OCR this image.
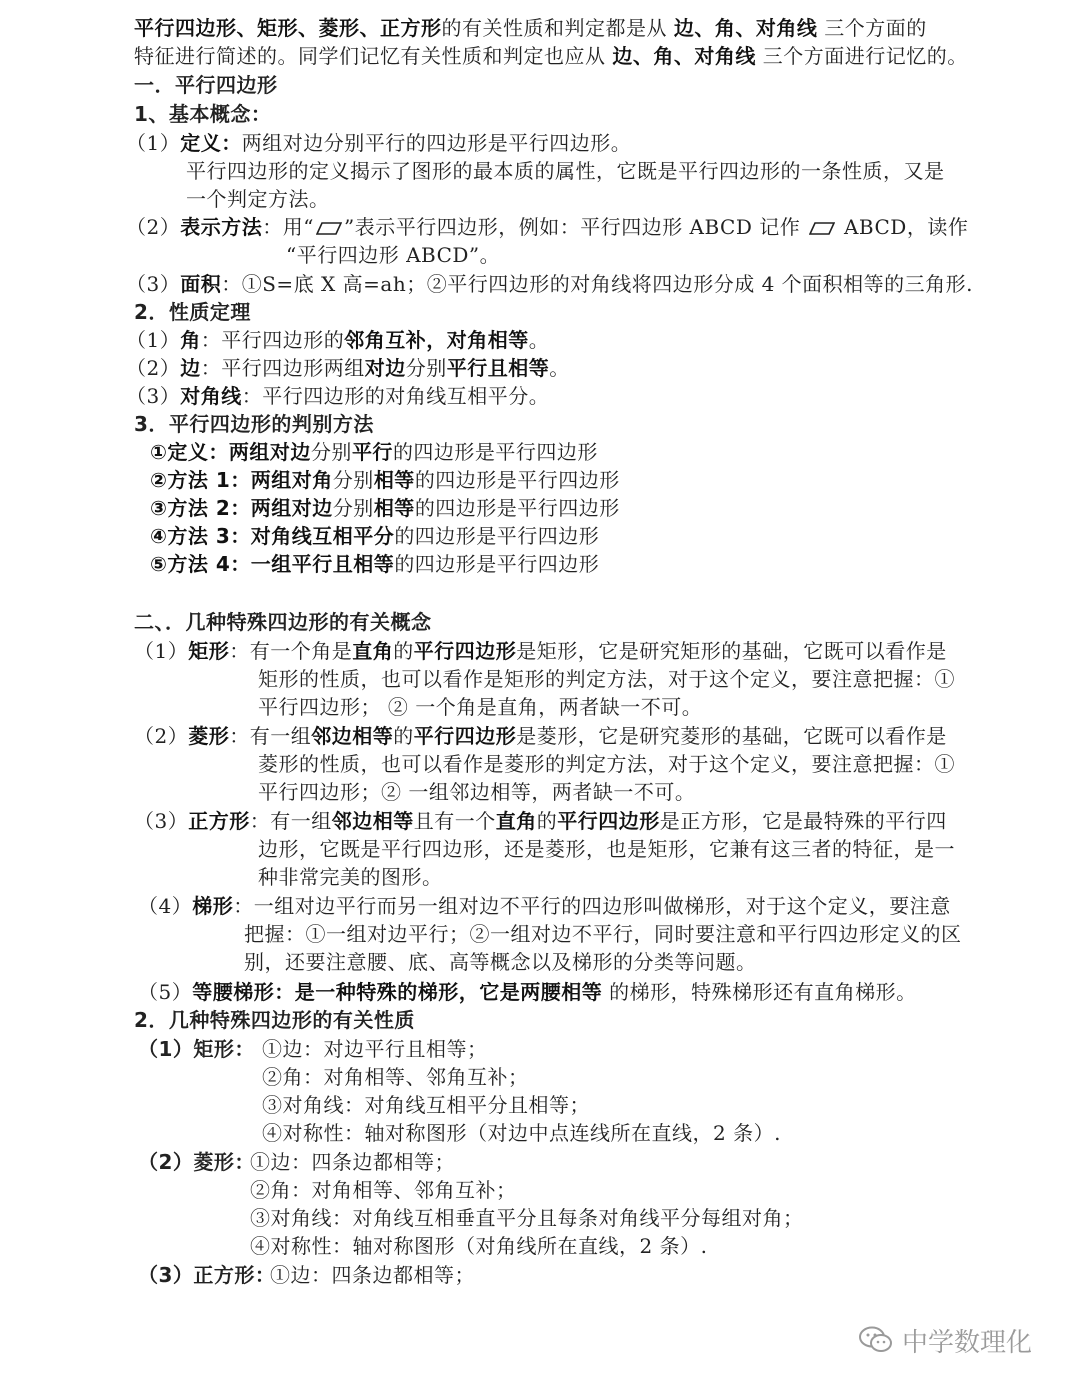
平行四边形、矩形、菱形、正方形的有关性质和判定都是从 边、角、对角线 三个方面的
特征进行简述的。同学们记忆有关性质和判定也应从 边、角、对角线 三个方面进行记忆的。
一．平行四边形
1、基本概念：
（1）定义：两组对边分别平行的四边形是平行四边形。
平行四边形的定义揭示了图形的最本质的属性，它既是平行四边形的一条性质，又是
一个判定方法。
（2）表示方法：用“ ”表示平行四边形，例如：平行四边形 ABCD 记作  ABCD，读作
“平行四边形 ABCD”。
（3）面积：①S=底 X 高=ah；②平行四边形的对角线将四边形分成 4 个面积相等的三角形.
2．性质定理
（1）角：平行四边形的邻角互补，对角相等。
（2）边：平行四边形两组对边分别平行且相等。
（3）对角线：平行四边形的对角线互相平分。
3．平行四边形的判别方法
①定义：两组对边分别平行的四边形是平行四边形
②方法 1：两组对角分别相等的四边形是平行四边形
③方法 2：两组对边分别相等的四边形是平行四边形
④方法 3：对角线互相平分的四边形是平行四边形
⑤方法 4：一组平行且相等的四边形是平行四边形
二、．几种特殊四边形的有关概念
（1）矩形：有一个角是直角的平行四边形是矩形，它是研究矩形的基础，它既可以看作是
矩形的性质，也可以看作是矩形的判定方法，对于这个定义，要注意把握：①
平行四边形； ② 一个角是直角，两者缺一不可。
（2）菱形：有一组邻边相等的平行四边形是菱形，它是研究菱形的基础，它既可以看作是
菱形的性质，也可以看作是菱形的判定方法，对于这个定义，要注意把握：①
平行四边形；② 一组邻边相等，两者缺一不可。
（3）正方形：有一组邻边相等且有一个直角的平行四边形是正方形，它是最特殊的平行四
边形，它既是平行四边形，还是菱形，也是矩形，它兼有这三者的特征，是一
种非常完美的图形。
（4）梯形：一组对边平行而另一组对边不平行的四边形叫做梯形，对于这个定义，要注意
把握：①一组对边平行；②一组对边不平行，同时要注意和平行四边形定义的区
别，还要注意腰、底、高等概念以及梯形的分类等问题。
（5）等腰梯形：是一种特殊的梯形，它是两腰相等 的梯形，特殊梯形还有直角梯形。
2．几种特殊四边形的有关性质
（1）矩形： ①边：对边平行且相等；
②角：对角相等、邻角互补；
③对角线：对角线互相平分且相等；
④对称性：轴对称图形（对边中点连线所在直线，2 条）.
（2）菱形：
①边：四条边都相等；
②角：对角相等、邻角互补；
③对角线：对角线互相垂直平分且每条对角线平分每组对角；
④对称性：轴对称图形（对角线所在直线，2 条）.
（3）正方形：
①边：四条边都相等；
中学数理化
